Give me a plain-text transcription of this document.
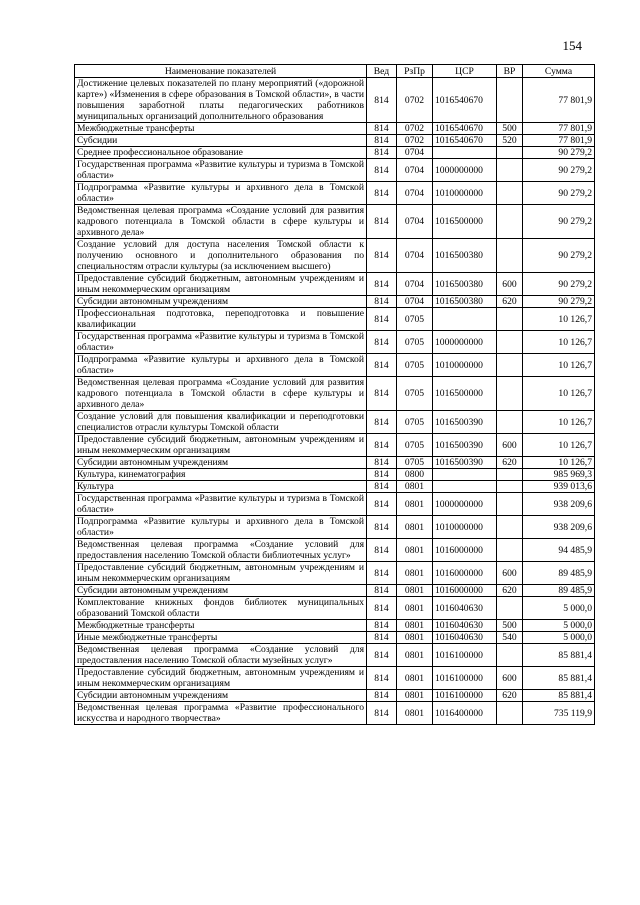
154
Наименование показателей	Вед	РзПр	ЦСР	ВР	Сумма
Достижение целевых показателей по плану мероприятий («дорожной карте») «Изменения в сфере образования в Томской области», в части повышения заработной платы педагогических работников муниципальных организаций дополнительного образования	814	0702	1016540670		77 801,9
Межбюджетные трансферты	814	0702	1016540670	500	77 801,9
Субсидии	814	0702	1016540670	520	77 801,9
Среднее профессиональное образование	814	0704			90 279,2
Государственная программа «Развитие культуры и туризма в Томской области»	814	0704	1000000000		90 279,2
Подпрограмма «Развитие культуры и архивного дела в Томской области»	814	0704	1010000000		90 279,2
Ведомственная целевая программа «Создание условий для развития кадрового потенциала в Томской области в сфере культуры и архивного дела»	814	0704	1016500000		90 279,2
Создание условий для доступа населения Томской области к получению основного и дополнительного образования по специальностям отрасли культуры (за исключением высшего)	814	0704	1016500380		90 279,2
Предоставление субсидий бюджетным, автономным учреждениям и иным некоммерческим организациям	814	0704	1016500380	600	90 279,2
Субсидии автономным учреждениям	814	0704	1016500380	620	90 279,2
Профессиональная подготовка, переподготовка и повышение квалификации	814	0705			10 126,7
Государственная программа «Развитие культуры и туризма в Томской области»	814	0705	1000000000		10 126,7
Подпрограмма «Развитие культуры и архивного дела в Томской области»	814	0705	1010000000		10 126,7
Ведомственная целевая программа «Создание условий для развития кадрового потенциала в Томской области в сфере культуры и архивного дела»	814	0705	1016500000		10 126,7
Создание условий для повышения квалификации и переподготовки специалистов отрасли культуры Томской области	814	0705	1016500390		10 126,7
Предоставление субсидий бюджетным, автономным учреждениям и иным некоммерческим организациям	814	0705	1016500390	600	10 126,7
Субсидии автономным учреждениям	814	0705	1016500390	620	10 126,7
Культура, кинематография	814	0800			985 969,3
Культура	814	0801			939 013,6
Государственная программа «Развитие культуры и туризма в Томской области»	814	0801	1000000000		938 209,6
Подпрограмма «Развитие культуры и архивного дела в Томской области»	814	0801	1010000000		938 209,6
Ведомственная целевая программа «Создание условий для предоставления населению Томской области библиотечных услуг»	814	0801	1016000000		94 485,9
Предоставление субсидий бюджетным, автономным учреждениям и иным некоммерческим организациям	814	0801	1016000000	600	89 485,9
Субсидии автономным учреждениям	814	0801	1016000000	620	89 485,9
Комплектование книжных фондов библиотек муниципальных образований Томской области	814	0801	1016040630		5 000,0
Межбюджетные трансферты	814	0801	1016040630	500	5 000,0
Иные межбюджетные трансферты	814	0801	1016040630	540	5 000,0
Ведомственная целевая программа «Создание условий для предоставления населению Томской области музейных услуг»	814	0801	1016100000		85 881,4
Предоставление субсидий бюджетным, автономным учреждениям и иным некоммерческим организациям	814	0801	1016100000	600	85 881,4
Субсидии автономным учреждениям	814	0801	1016100000	620	85 881,4
Ведомственная целевая программа «Развитие профессионального искусства и народного творчества»	814	0801	1016400000		735 119,9
